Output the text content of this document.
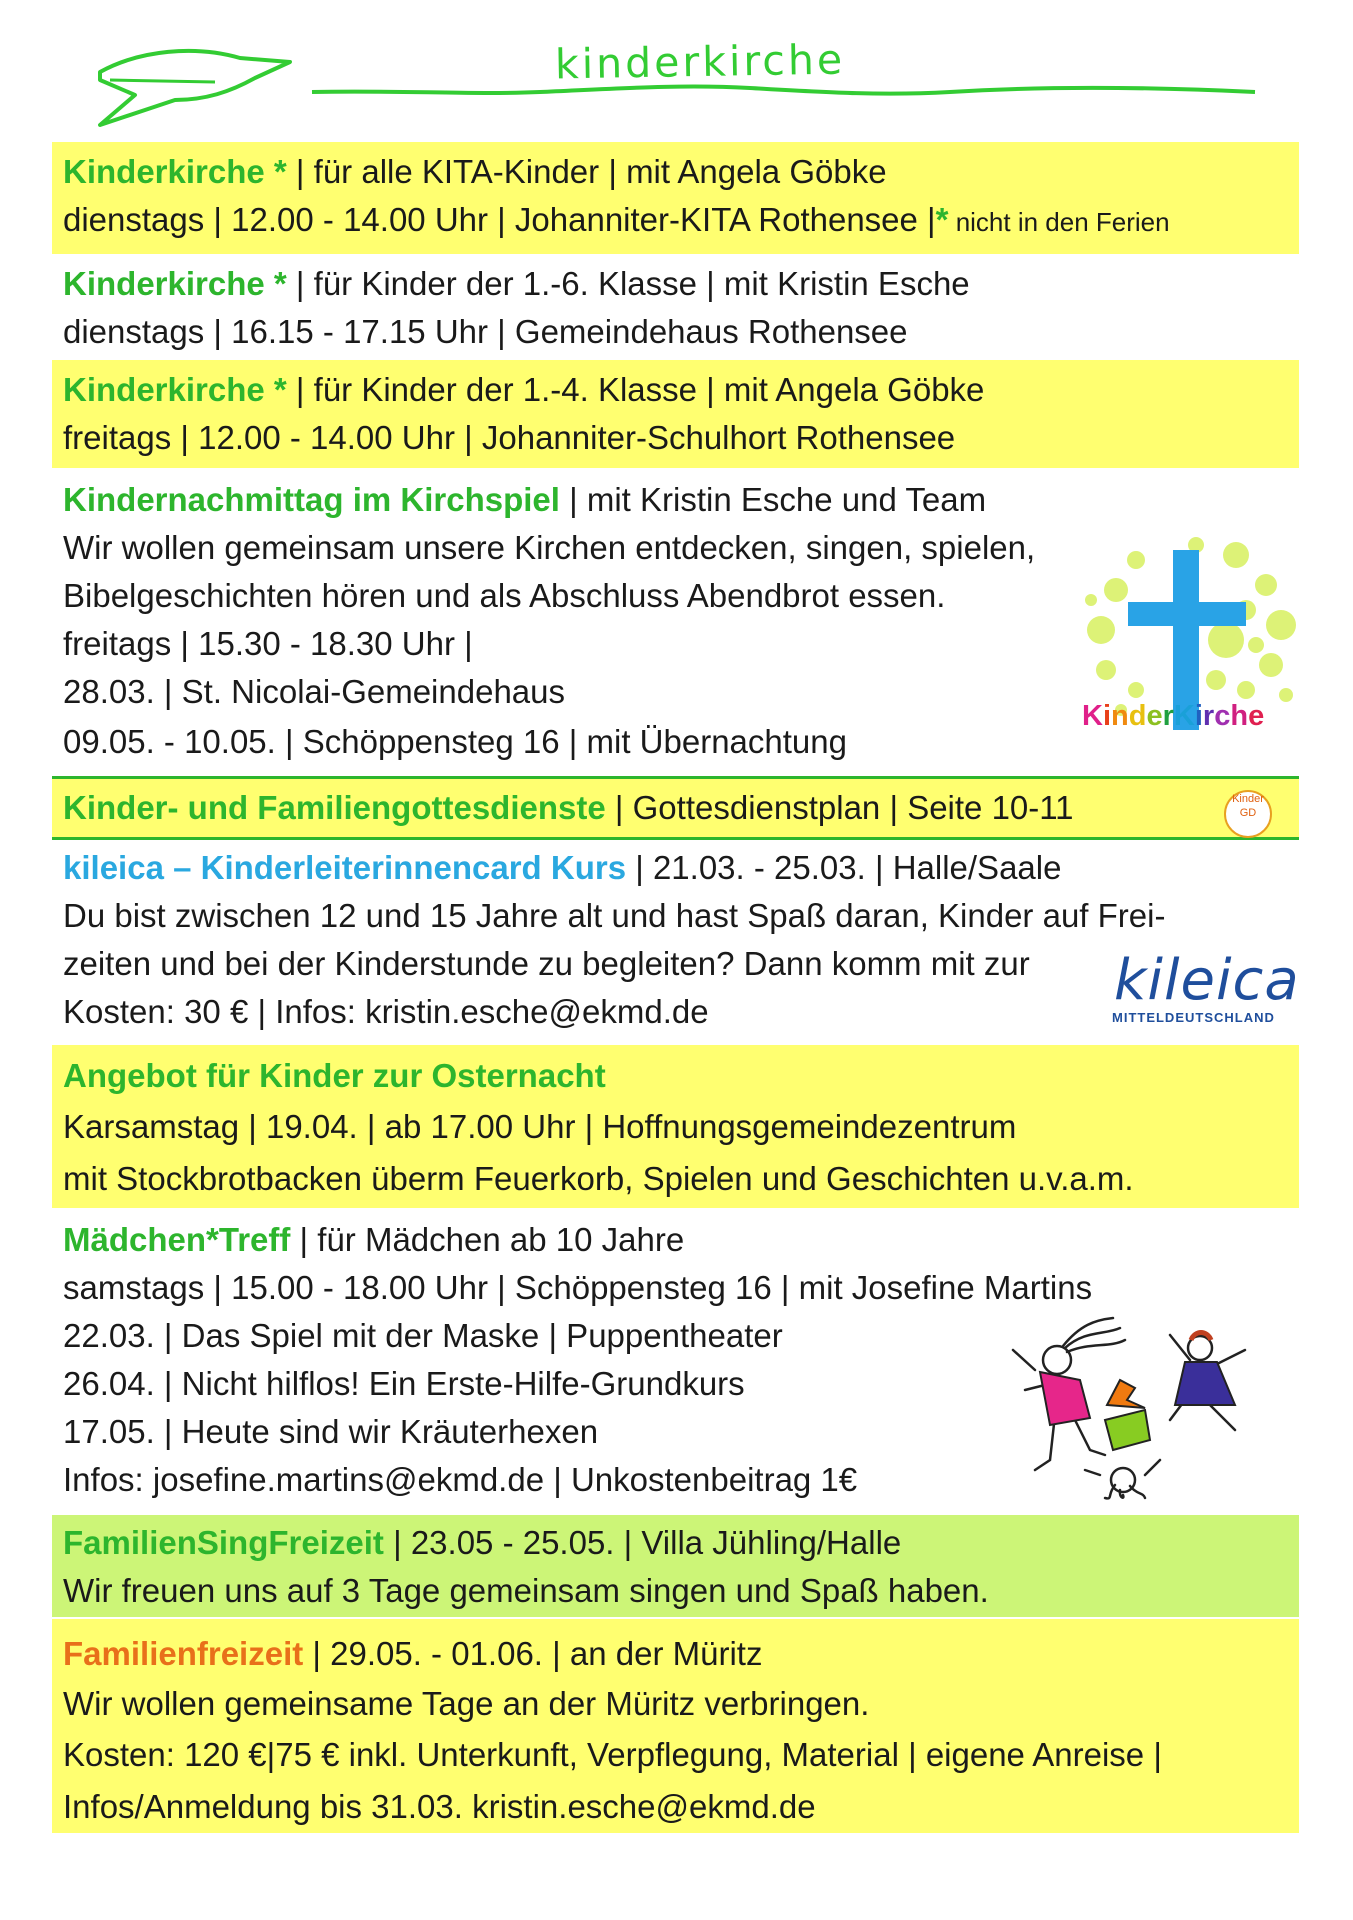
kinderkirche
Kinderkirche * | für alle KITA-Kinder | mit Angela Göbke
dienstags | 12.00 - 14.00 Uhr | Johanniter-KITA Rothensee |* nicht in den Ferien
Kinderkirche * | für Kinder der 1.-6. Klasse | mit Kristin Esche
dienstags | 16.15 - 17.15 Uhr | Gemeindehaus Rothensee
Kinderkirche * | für Kinder der 1.-4. Klasse | mit Angela Göbke
freitags | 12.00 - 14.00 Uhr | Johanniter-Schulhort Rothensee
Kindernachmittag im Kirchspiel | mit Kristin Esche und Team
Wir wollen gemeinsam unsere Kirchen entdecken, singen, spielen,
Bibelgeschichten hören und als Abschluss Abendbrot essen.
freitags | 15.30 - 18.30 Uhr |
28.03. | St. Nicolai-Gemeindehaus
09.05. - 10.05. | Schöppensteg 16 | mit Übernachtung
KinderKirche
Kinder- und Familiengottesdienste | Gottesdienstplan | Seite 10-11	Kinder
GD
kileica – Kinderleiterinnencard Kurs | 21.03. - 25.03. | Halle/Saale
Du bist zwischen 12 und 15 Jahre alt und hast Spaß daran, Kinder auf Frei-
zeiten und bei der Kinderstunde zu begleiten? Dann komm mit zur
Kosten: 30 € | Infos: kristin.esche@ekmd.de	kileica
MITTELDEUTSCHLAND
Angebot für Kinder zur Osternacht
Karsamstag | 19.04. | ab 17.00 Uhr | Hoffnungsgemeindezentrum
mit Stockbrotbacken überm Feuerkorb, Spielen und Geschichten u.v.a.m.
Mädchen*Treff | für Mädchen ab 10 Jahre
samstags | 15.00 - 18.00 Uhr | Schöppensteg 16 | mit Josefine Martins
22.03. | Das Spiel mit der Maske | Puppentheater
26.04. | Nicht hilflos! Ein Erste-Hilfe-Grundkurs
17.05. | Heute sind wir Kräuterhexen
Infos: josefine.martins@ekmd.de | Unkostenbeitrag 1€
FamilienSingFreizeit | 23.05 - 25.05. | Villa Jühling/Halle
Wir freuen uns auf 3 Tage gemeinsam singen und Spaß haben.
Familienfreizeit | 29.05. - 01.06. | an der Müritz
Wir wollen gemeinsame Tage an der Müritz verbringen.
Kosten: 120 €|75 € inkl. Unterkunft, Verpflegung, Material | eigene Anreise |
Infos/Anmeldung bis 31.03. kristin.esche@ekmd.de
